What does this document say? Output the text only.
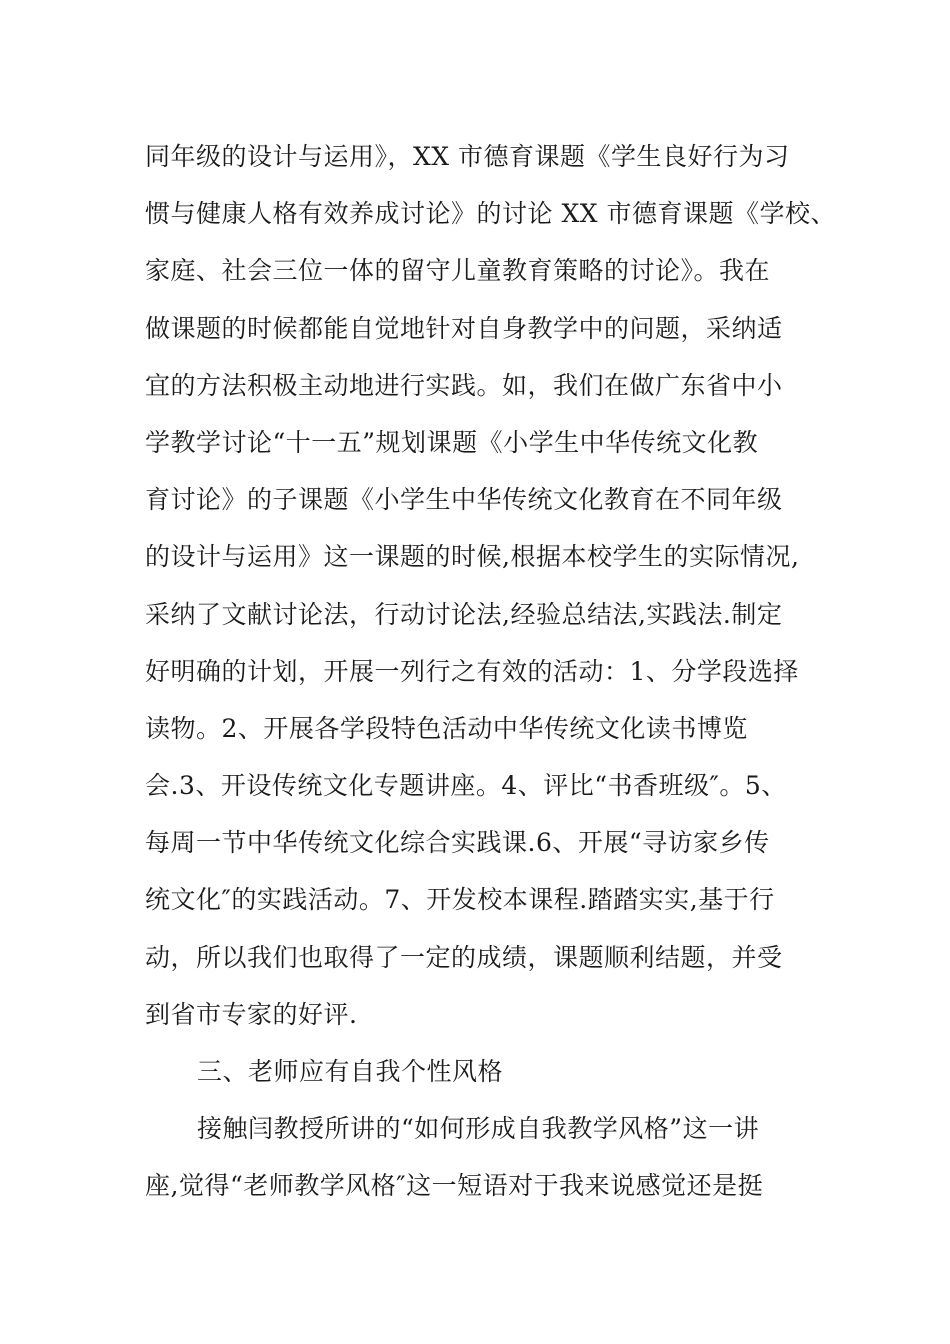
同年级的设计与运用》，XX 市德育课题《学生良好行为习
惯与健康人格有效养成讨论》的讨论 XX 市德育课题《学校、
家庭、社会三位一体的留守儿童教育策略的讨论》。我在
做课题的时候都能自觉地针对自身教学中的问题，采纳适
宜的方法积极主动地进行实践。如，我们在做广东省中小
学教学讨论“十一五”规划课题《小学生中华传统文化教
育讨论》的子课题《小学生中华传统文化教育在不同年级
的设计与运用》这一课题的时候,根据本校学生的实际情况,
采纳了文献讨论法，行动讨论法,经验总结法,实践法.制定
好明确的计划，开展一列行之有效的活动：1、分学段选择
读物。2、开展各学段特色活动中华传统文化读书博览
会.3、开设传统文化专题讲座。4、评比“书香班级″。5、
每周一节中华传统文化综合实践课.6、开展“寻访家乡传
统文化″的实践活动。7、开发校本课程.踏踏实实,基于行
动，所以我们也取得了一定的成绩，课题顺利结题，并受
到省市专家的好评.
三、老师应有自我个性风格
接触闫教授所讲的“如何形成自我教学风格”这一讲
座,觉得“老师教学风格″这一短语对于我来说感觉还是挺
